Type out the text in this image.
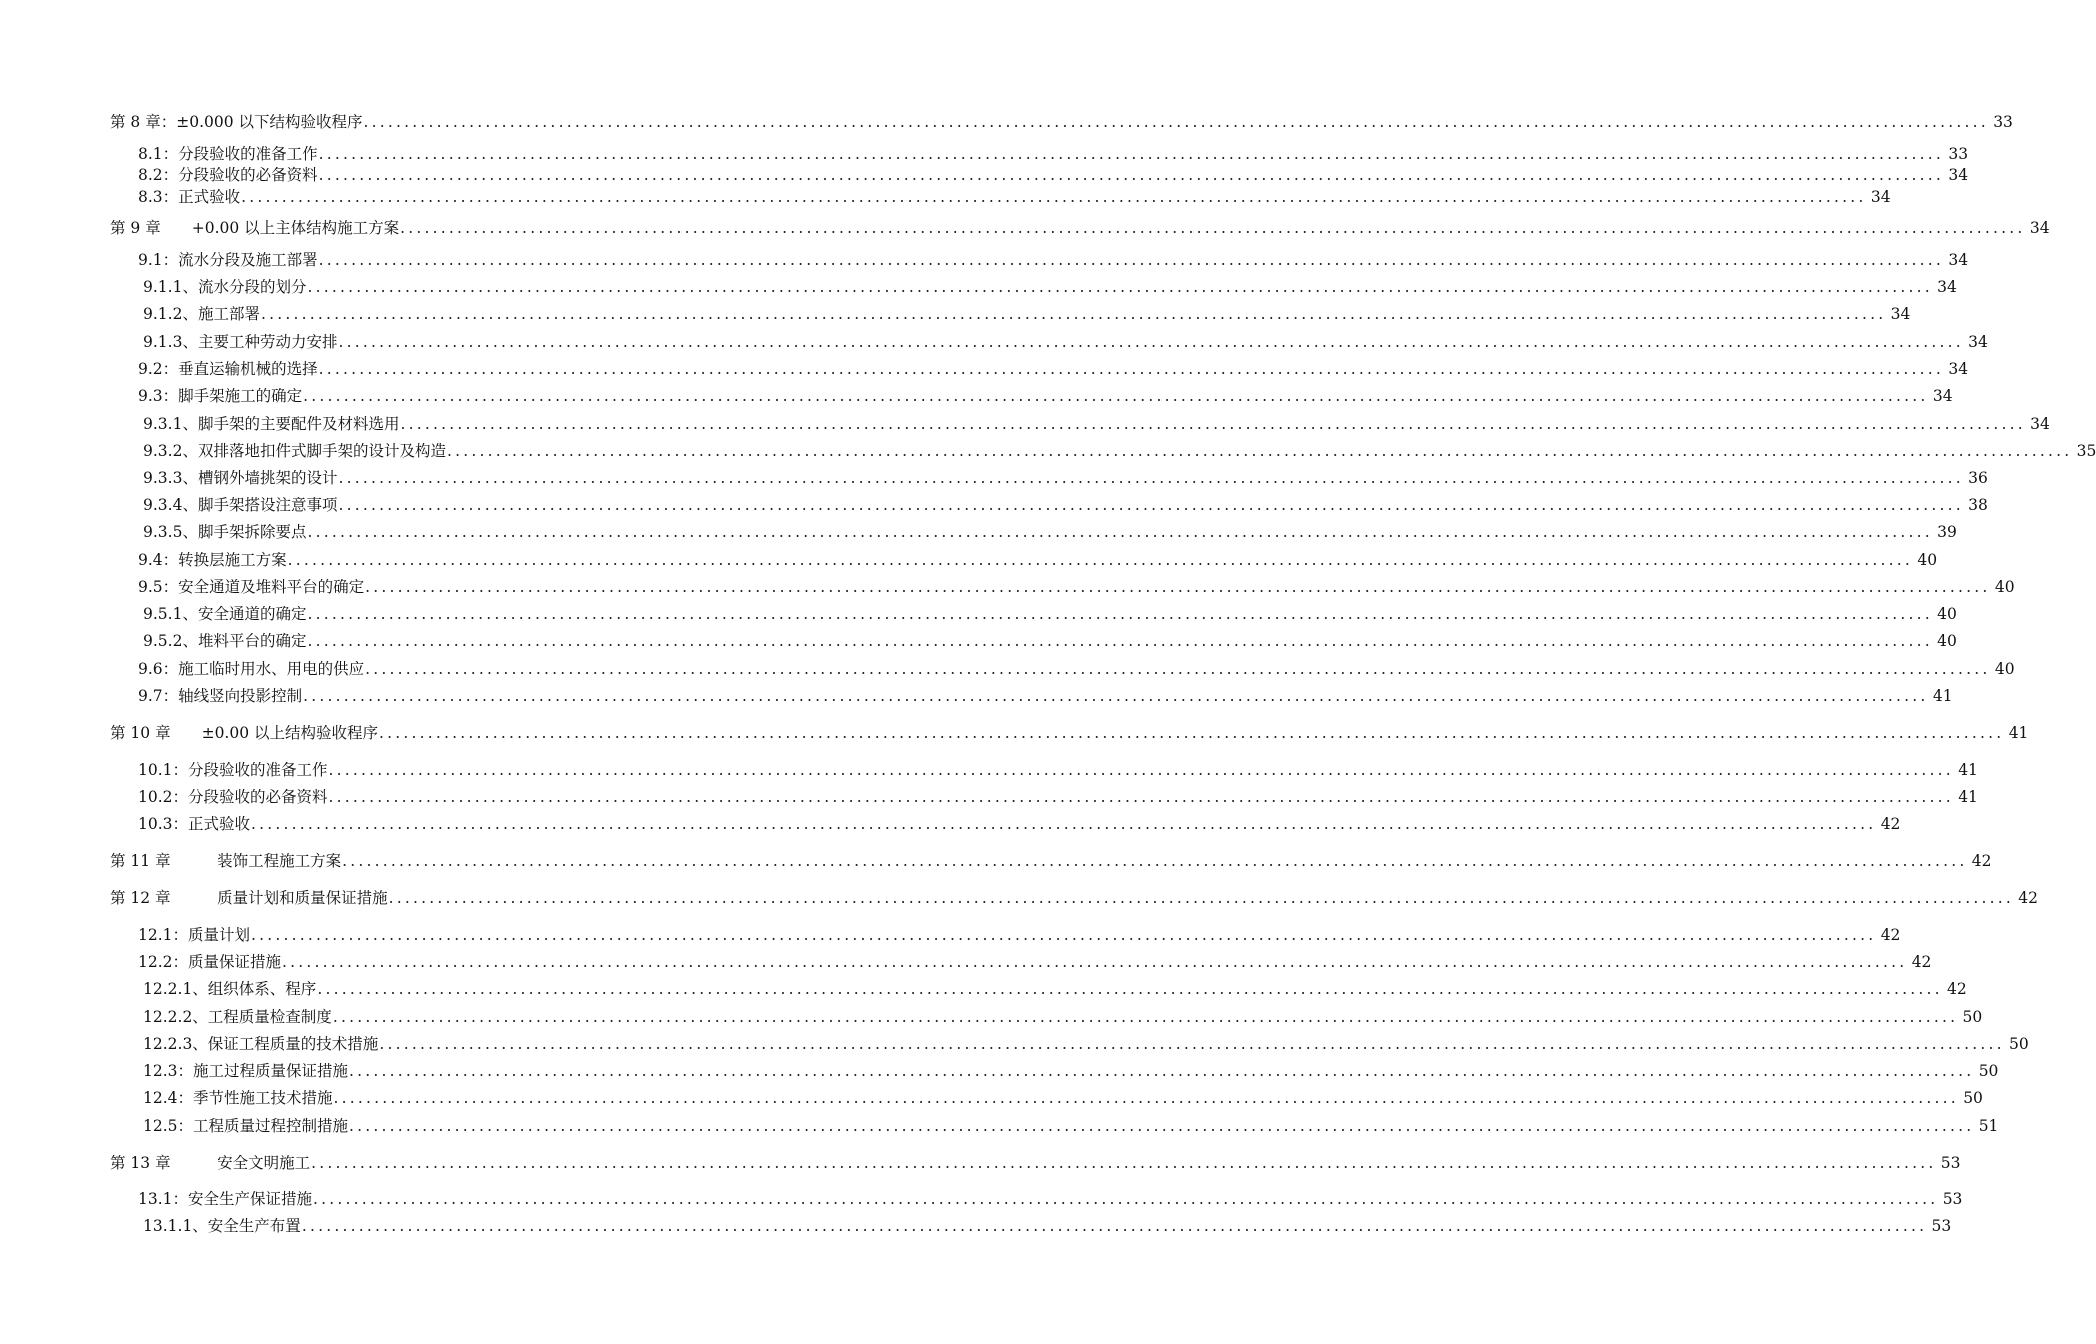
第 8 章：±0.000 以下结构验收程序 ........................................................................................................................................................................................................ 33
8.1：分段验收的准备工作 ........................................................................................................................................................................................................ 33
8.2：分段验收的必备资料 ........................................................................................................................................................................................................ 34
8.3：正式验收 ........................................................................................................................................................................................................ 34
第 9 章　　+0.00 以上主体结构施工方案 ........................................................................................................................................................................................................ 34
9.1：流水分段及施工部署 ........................................................................................................................................................................................................ 34
9.1.1、流水分段的划分 ........................................................................................................................................................................................................ 34
9.1.2、施工部署 ........................................................................................................................................................................................................ 34
9.1.3、主要工种劳动力安排 ........................................................................................................................................................................................................ 34
9.2：垂直运输机械的选择 ........................................................................................................................................................................................................ 34
9.3：脚手架施工的确定 ........................................................................................................................................................................................................ 34
9.3.1、脚手架的主要配件及材料选用 ........................................................................................................................................................................................................ 34
9.3.2、双排落地扣件式脚手架的设计及构造 ........................................................................................................................................................................................................ 35
9.3.3、槽钢外墙挑架的设计 ........................................................................................................................................................................................................ 36
9.3.4、脚手架搭设注意事项 ........................................................................................................................................................................................................ 38
9.3.5、脚手架拆除要点 ........................................................................................................................................................................................................ 39
9.4：转换层施工方案 ........................................................................................................................................................................................................ 40
9.5：安全通道及堆料平台的确定 ........................................................................................................................................................................................................ 40
9.5.1、安全通道的确定 ........................................................................................................................................................................................................ 40
9.5.2、堆料平台的确定 ........................................................................................................................................................................................................ 40
9.6：施工临时用水、用电的供应 ........................................................................................................................................................................................................ 40
9.7：轴线竖向投影控制 ........................................................................................................................................................................................................ 41
第 10 章　　±0.00 以上结构验收程序 ........................................................................................................................................................................................................ 41
10.1：分段验收的准备工作 ........................................................................................................................................................................................................ 41
10.2：分段验收的必备资料 ........................................................................................................................................................................................................ 41
10.3：正式验收 ........................................................................................................................................................................................................ 42
第 11 章　　　装饰工程施工方案 ........................................................................................................................................................................................................ 42
第 12 章　　　质量计划和质量保证措施 ........................................................................................................................................................................................................ 42
12.1：质量计划 ........................................................................................................................................................................................................ 42
12.2：质量保证措施 ........................................................................................................................................................................................................ 42
12.2.1、组织体系、程序 ........................................................................................................................................................................................................ 42
12.2.2、工程质量检查制度 ........................................................................................................................................................................................................ 50
12.2.3、保证工程质量的技术措施 ........................................................................................................................................................................................................ 50
12.3：施工过程质量保证措施 ........................................................................................................................................................................................................ 50
12.4：季节性施工技术措施 ........................................................................................................................................................................................................ 50
12.5：工程质量过程控制措施 ........................................................................................................................................................................................................ 51
第 13 章　　　安全文明施工 ........................................................................................................................................................................................................ 53
13.1：安全生产保证措施 ........................................................................................................................................................................................................ 53
13.1.1、安全生产布置 ........................................................................................................................................................................................................ 53
